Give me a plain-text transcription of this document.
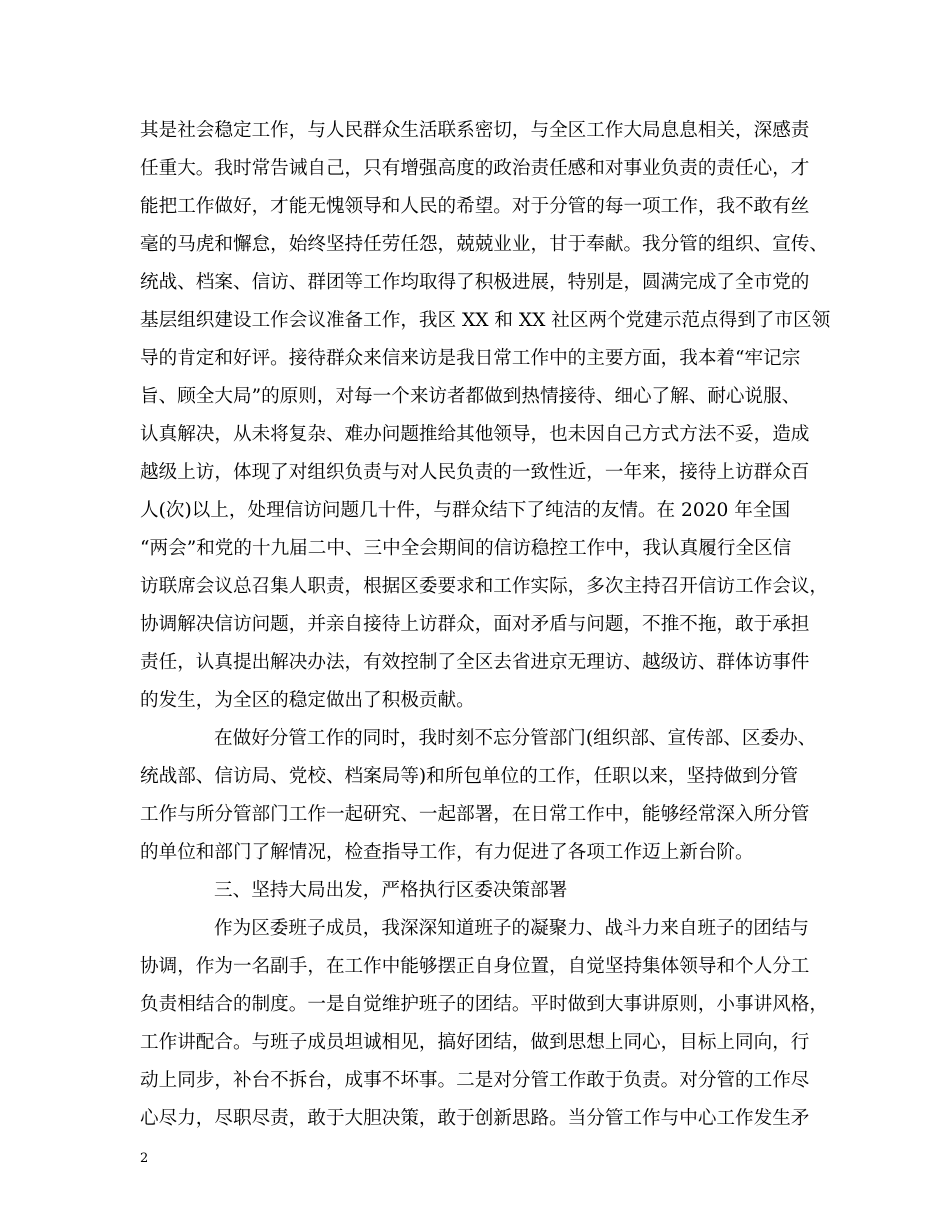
其是社会稳定工作，与人民群众生活联系密切，与全区工作大局息息相关，深感责
任重大。我时常告诫自己，只有增强高度的政治责任感和对事业负责的责任心，才
能把工作做好，才能无愧领导和人民的希望。对于分管的每一项工作，我不敢有丝
毫的马虎和懈怠，始终坚持任劳任怨，兢兢业业，甘于奉献。我分管的组织、宣传、
统战、档案、信访、群团等工作均取得了积极进展，特别是，圆满完成了全市党的
基层组织建设工作会议准备工作，我区 XX 和 XX 社区两个党建示范点得到了市区领
导的肯定和好评。接待群众来信来访是我日常工作中的主要方面，我本着“牢记宗
旨、顾全大局”的原则，对每一个来访者都做到热情接待、细心了解、耐心说服、
认真解决，从未将复杂、难办问题推给其他领导，也未因自己方式方法不妥，造成
越级上访，体现了对组织负责与对人民负责的一致性近，一年来，接待上访群众百
人(次)以上，处理信访问题几十件，与群众结下了纯洁的友情。在 2020 年全国
“两会”和党的十九届二中、三中全会期间的信访稳控工作中，我认真履行全区信
访联席会议总召集人职责，根据区委要求和工作实际，多次主持召开信访工作会议，
协调解决信访问题，并亲自接待上访群众，面对矛盾与问题，不推不拖，敢于承担
责任，认真提出解决办法，有效控制了全区去省进京无理访、越级访、群体访事件
的发生，为全区的稳定做出了积极贡献。
在做好分管工作的同时，我时刻不忘分管部门(组织部、宣传部、区委办、
统战部、信访局、党校、档案局等)和所包单位的工作，任职以来，坚持做到分管
工作与所分管部门工作一起研究、一起部署，在日常工作中，能够经常深入所分管
的单位和部门了解情况，检查指导工作，有力促进了各项工作迈上新台阶。
三、坚持大局出发，严格执行区委决策部署
作为区委班子成员，我深深知道班子的凝聚力、战斗力来自班子的团结与
协调，作为一名副手，在工作中能够摆正自身位置，自觉坚持集体领导和个人分工
负责相结合的制度。一是自觉维护班子的团结。平时做到大事讲原则，小事讲风格，
工作讲配合。与班子成员坦诚相见，搞好团结，做到思想上同心，目标上同向，行
动上同步，补台不拆台，成事不坏事。二是对分管工作敢于负责。对分管的工作尽
心尽力，尽职尽责，敢于大胆决策，敢于创新思路。当分管工作与中心工作发生矛
2
